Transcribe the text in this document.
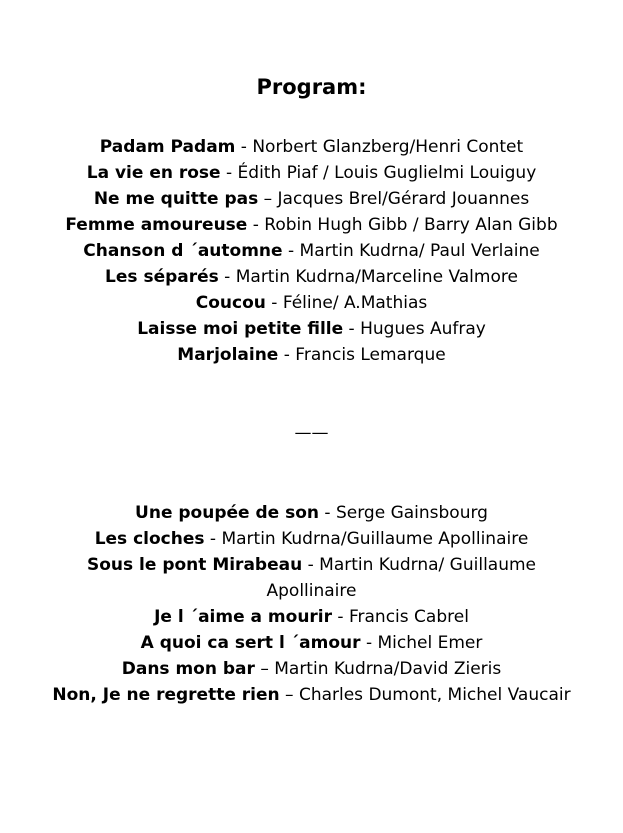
Program:
Padam Padam - Norbert Glanzberg/Henri Contet
La vie en rose - Édith Piaf / Louis Guglielmi Louiguy
Ne me quitte pas – Jacques Brel/Gérard Jouannes
Femme amoureuse - Robin Hugh Gibb / Barry Alan Gibb
Chanson d ´automne - Martin Kudrna/ Paul Verlaine
Les séparés - Martin Kudrna/Marceline Valmore
Coucou - Féline/ A.Mathias
Laisse moi petite fille - Hugues Aufray
Marjolaine - Francis Lemarque
——
Une poupée de son - Serge Gainsbourg
Les cloches - Martin Kudrna/Guillaume Apollinaire
Sous le pont Mirabeau - Martin Kudrna/ Guillaume Apollinaire
Je l ´aime a mourir - Francis Cabrel
A quoi ca sert l ´amour - Michel Emer
Dans mon bar – Martin Kudrna/David Zieris
Non, Je ne regrette rien – Charles Dumont, Michel Vaucair
